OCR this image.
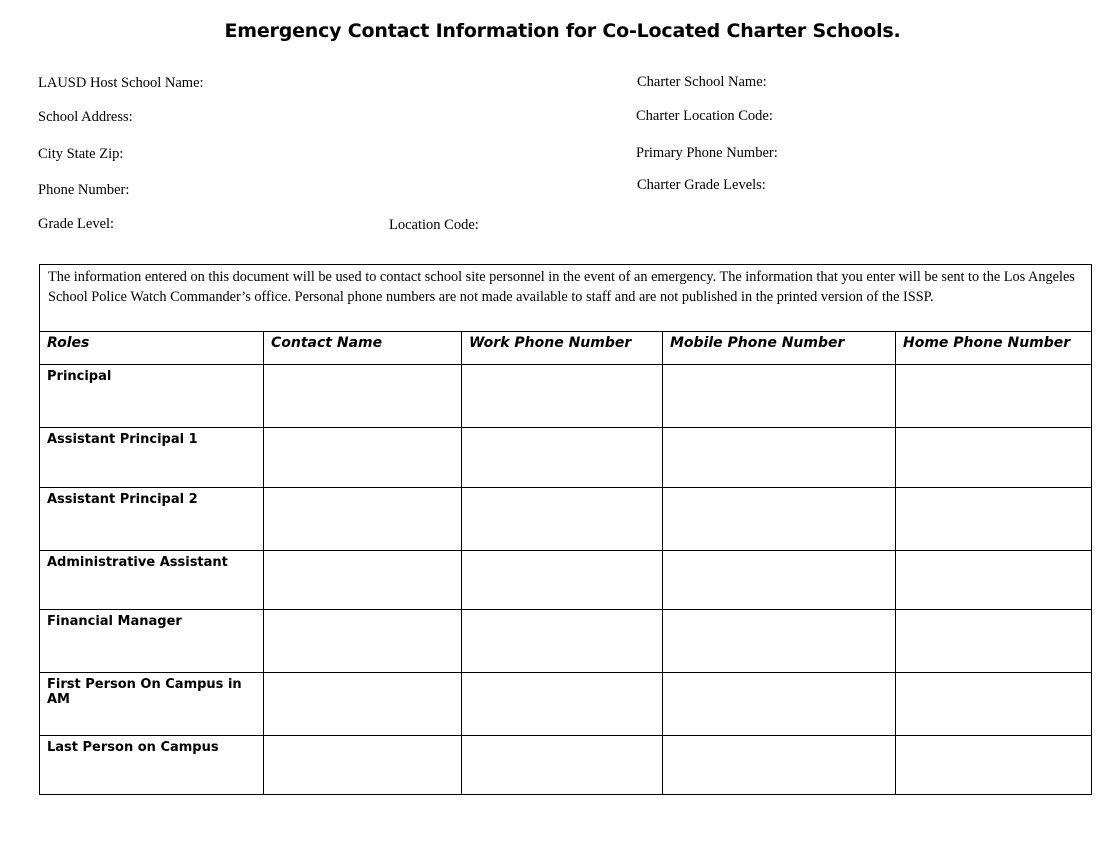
Emergency Contact Information for Co-Located Charter Schools.
LAUSD Host School Name:
School Address:
City State Zip:
Phone Number:
Grade Level:	Location Code:
Charter School Name:
Charter Location Code:
Primary Phone Number:
Charter Grade Levels:
The information entered on this document will be used to contact school site personnel in the event of an emergency. The information that you enter will be sent to the Los Angeles School Police Watch Commander’s office. Personal phone numbers are not made available to staff and are not published in the printed version of the ISSP.				
Roles	Contact Name	Work Phone Number	Mobile Phone Number	Home Phone Number
Principal				
Assistant Principal 1				
Assistant Principal 2				
Administrative Assistant				
Financial Manager				
First Person On Campus in AM				
Last Person on Campus				
